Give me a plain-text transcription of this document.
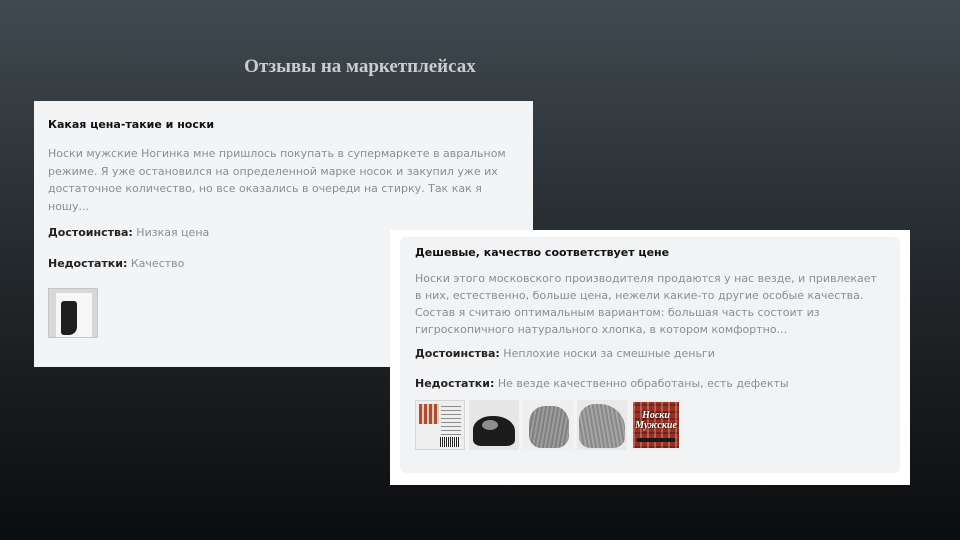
Отзывы на маркетплейсах
Какая цена-такие и носки
Носки мужские Ногинка мне пришлось покупать в супермаркете в авральном
режиме. Я уже остановился на определенной марке носок и закупил уже их
достаточное количество, но все оказались в очереди на стирку. Так как я
ношу...
Достоинства: Низкая цена
Недостатки: Качество
Дешевые, качество соответствует цене
Носки этого московского производителя продаются у нас везде, и привлекает
в них, естественно, больше цена, нежели какие-то другие особые качества.
Состав я считаю оптимальным вариантом: большая часть состоит из
гигроскопичного натурального хлопка, в котором комфортно...
Достоинства: Неплохие носки за смешные деньги
Недостатки: Не везде качественно обработаны, есть дефекты
Носки
Мужские
